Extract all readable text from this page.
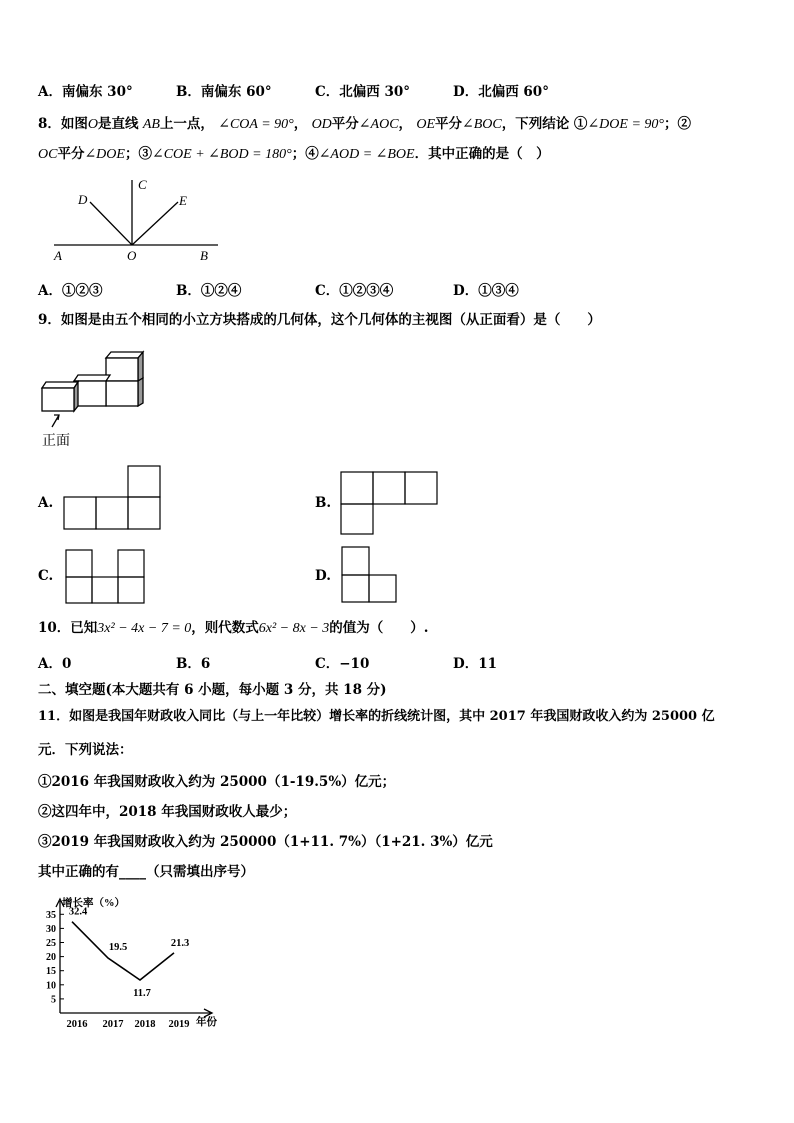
A．南偏东 30°	B．南偏东 60°	C．北偏西 30°	D．北偏西 60°
8．如图O是直线 AB上一点， ∠COA = 90°， OD平分∠AOC， OE平分∠BOC，下列结论 ①∠DOE = 90°；②
OC平分∠DOE；③∠COE + ∠BOD = 180°；④∠AOD = ∠BOE．其中正确的是（　）
A	O	B
C
D	E
A．①②③	B．①②④	C．①②③④	D．①③④
9．如图是由五个相同的小立方块搭成的几何体，这个几何体的主视图（从正面看）是（　　）
正面
A.	B.
C.	D.
10．已知3x² − 4x − 7 = 0，则代数式6x² − 8x − 3的值为（　　）.
A．0	B．6	C．−10	D．11
二、填空题(本大题共有 6 小题，每小题 3 分，共 18 分)
11．如图是我国年财政收入同比（与上一年比较）增长率的折线统计图，其中 2017 年我国财政收入约为 25000 亿
元．下列说法：
①2016 年我国财政收入约为 25000（1-19.5%）亿元；
②这四年中，2018 年我国财政收人最少；
③2019 年我国财政收入约为 250000（1+11. 7%）（1+21. 3%）亿元
其中正确的有____（只需填出序号）
增长率（%）
年份
5
10
15
20
25
30
35
2016 2017 2018 2019
32.4
19.5
11.7
21.3
